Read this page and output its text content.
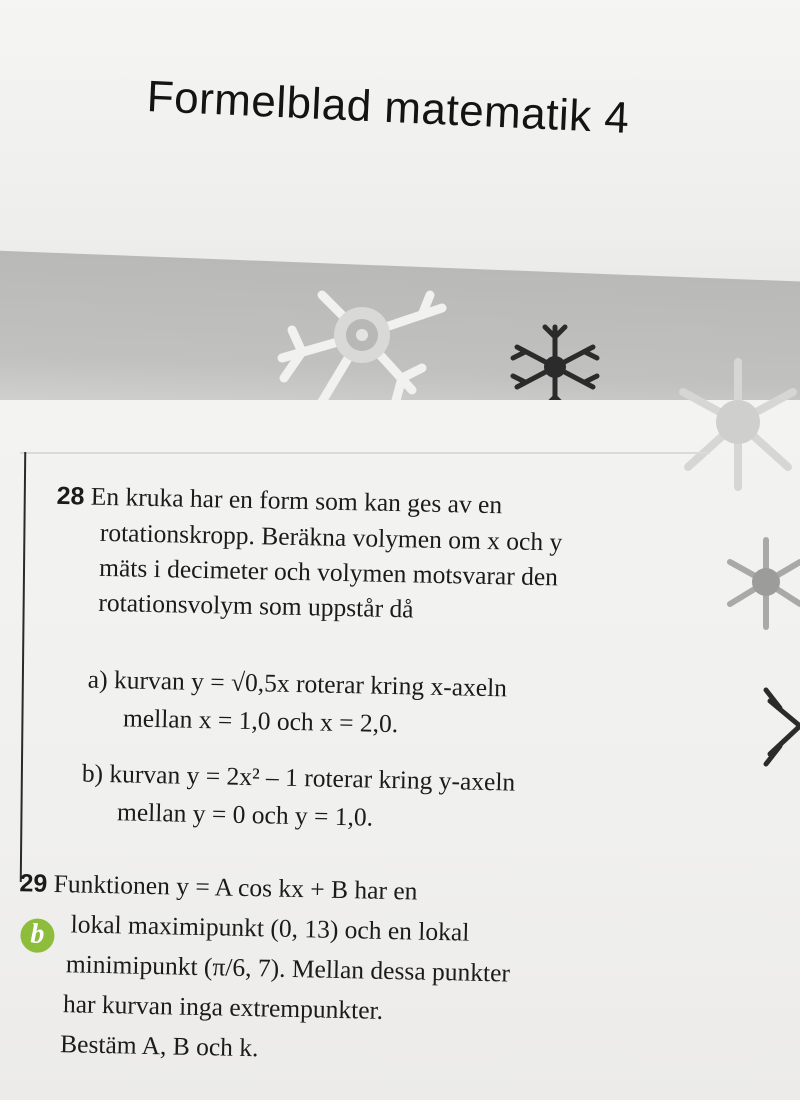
Formelblad matematik 4
28 En kruka har en form som kan ges av en
rotationskropp. Beräkna volymen om x och y
mäts i decimeter och volymen motsvarar den
rotationsvolym som uppstår då
a) kurvan y = √0,5x roterar kring x-axeln
mellan x = 1,0 och x = 2,0.
b) kurvan y = 2x² – 1 roterar kring y-axeln
mellan y = 0 och y = 1,0.
29 Funktionen y = A cos kx + B har en
lokal maximipunkt (0, 13) och en lokal
minimipunkt (π/6, 7). Mellan dessa punkter
har kurvan inga extrempunkter.
Bestäm A, B och k.
b
